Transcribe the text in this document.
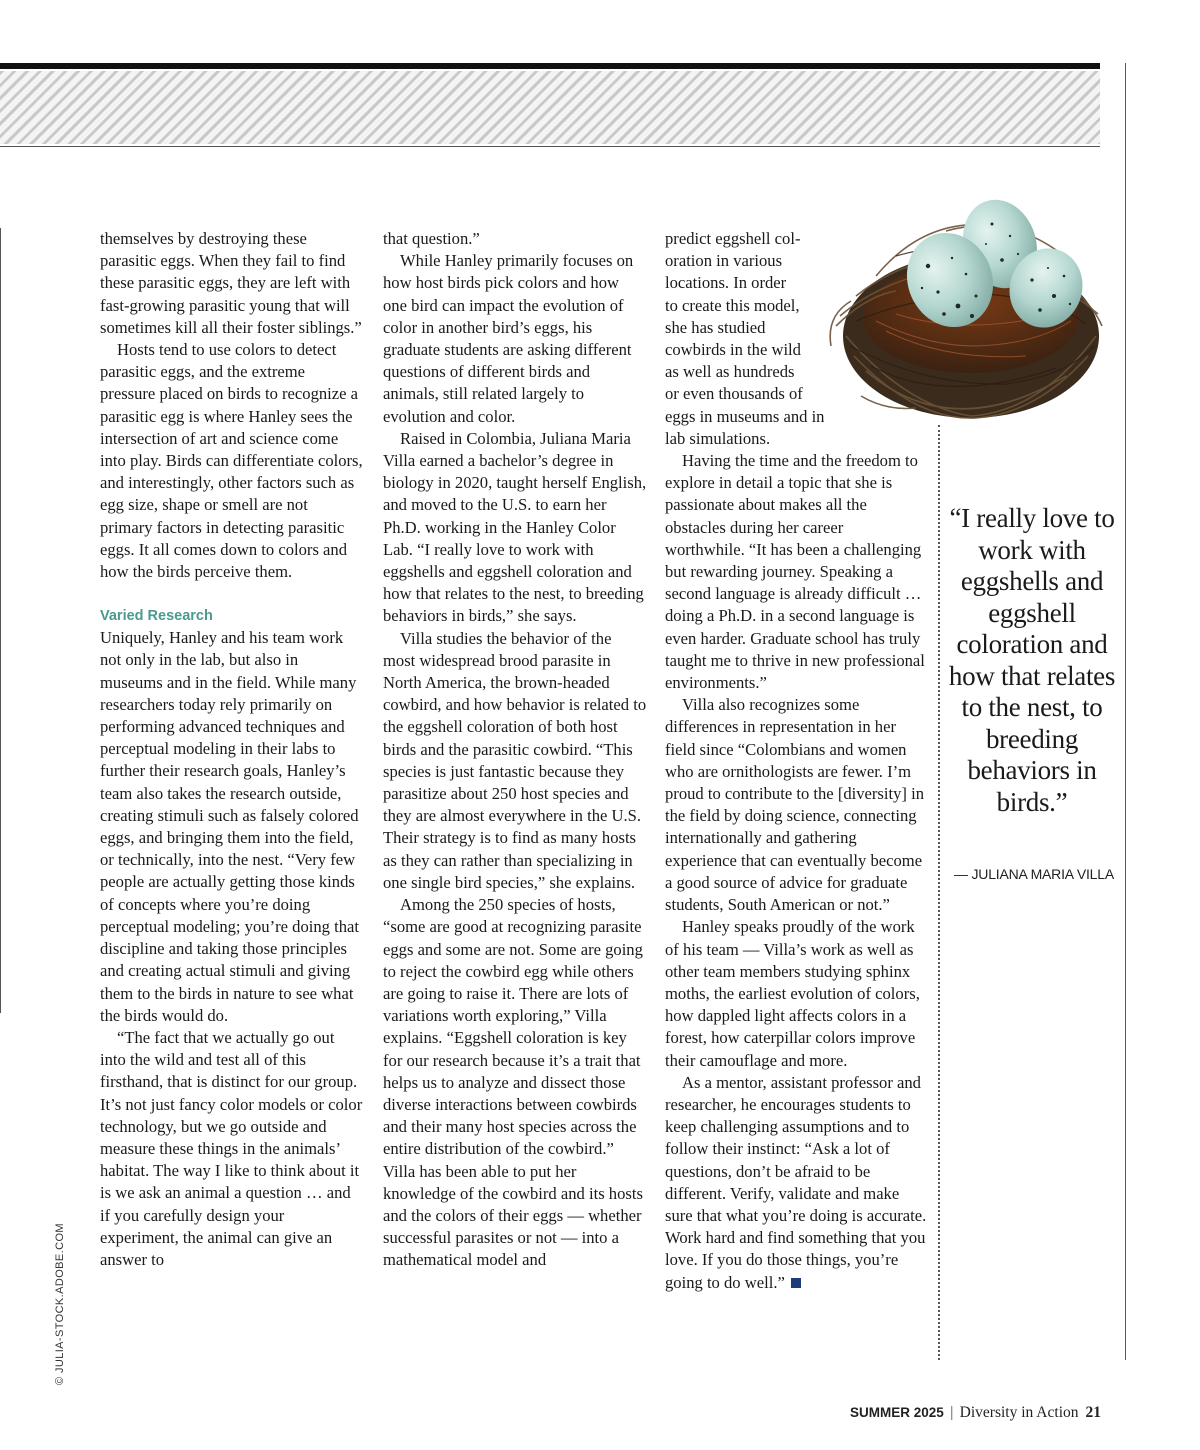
© JULIA-STOCK.ADOBE.COM

themselves by destroying these parasitic eggs. When they fail to find these parasitic eggs, they are left with fast-growing parasitic young that will sometimes kill all their foster siblings.”

Hosts tend to use colors to detect parasitic eggs, and the extreme pressure placed on birds to recognize a parasitic egg is where Hanley sees the intersection of art and science come into play. Birds can differentiate colors, and interestingly, other factors such as egg size, shape or smell are not primary factors in detecting parasitic eggs. It all comes down to colors and how the birds perceive them.

Varied Research

Uniquely, Hanley and his team work not only in the lab, but also in museums and in the field. While many researchers today rely primarily on performing advanced techniques and perceptual modeling in their labs to further their research goals, Hanley’s team also takes the research outside, creating stimuli such as falsely colored eggs, and bringing them into the field, or technically, into the nest. “Very few people are actually getting those kinds of concepts where you’re doing perceptual modeling; you’re doing that discipline and taking those principles and creating actual stimuli and giving them to the birds in nature to see what the birds would do.

“The fact that we actually go out into the wild and test all of this firsthand, that is distinct for our group. It’s not just fancy color models or color technology, but we go outside and measure these things in the animals’ habitat. The way I like to think about it is we ask an animal a question … and if you carefully design your experiment, the animal can give an answer to

that question.”

While Hanley primarily focuses on how host birds pick colors and how one bird can impact the evolution of color in another bird’s eggs, his graduate students are asking different questions of different birds and animals, still related largely to evolution and color.

Raised in Colombia, Juliana Maria Villa earned a bachelor’s degree in biology in 2020, taught herself English, and moved to the U.S. to earn her Ph.D. working in the Hanley Color Lab. “I really love to work with eggshells and eggshell coloration and how that relates to the nest, to breeding behaviors in birds,” she says.

Villa studies the behavior of the most widespread brood parasite in North America, the brown-headed cowbird, and how behavior is related to the eggshell coloration of both host birds and the parasitic cowbird. “This species is just fantastic because they parasitize about 250 host species and they are almost everywhere in the U.S. Their strategy is to find as many hosts as they can rather than specializing in one single bird species,” she explains.

Among the 250 species of hosts, “some are good at recognizing parasite eggs and some are not. Some are going to reject the cowbird egg while others are going to raise it. There are lots of variations worth exploring,” Villa explains. “Eggshell coloration is key for our research because it’s a trait that helps us to analyze and dissect those diverse interactions between cowbirds and their many host species across the entire distribution of the cowbird.” Villa has been able to put her knowledge of the cowbird and its hosts and the colors of their eggs — whether successful parasites or not — into a mathematical model and

predict eggshell col-
oration in various
locations. In order
to create this model,
she has studied
cowbirds in the wild
as well as hundreds
or even thousands of
eggs in museums and in
lab simulations.

Having the time and the freedom to explore in detail a topic that she is passionate about makes all the obstacles during her career worthwhile. “It has been a challenging but rewarding journey. Speaking a second language is already difficult … doing a Ph.D. in a second language is even harder. Graduate school has truly taught me to thrive in new professional environments.”

Villa also recognizes some differences in representation in her field since “Colombians and women who are ornithologists are fewer. I’m proud to contribute to the [diversity] in the field by doing science, connecting internationally and gathering experience that can eventually become a good source of advice for graduate students, South American or not.”

Hanley speaks proudly of the work of his team — Villa’s work as well as other team members studying sphinx moths, the earliest evolution of colors, how dappled light affects colors in a forest, how caterpillar colors improve their camouflage and more.

As a mentor, assistant professor and researcher, he encourages students to keep challenging assumptions and to follow their instinct: “Ask a lot of questions, don’t be afraid to be different. Verify, validate and make sure that what you’re doing is accurate. Work hard and find something that you love. If you do those things, you’re going to do well.”

“I really love to work with eggshells and eggshell coloration and how that relates to the nest, to breeding behaviors in birds.”
— JULIANA MARIA VILLA
SUMMER 2025 | Diversity in Action 21
